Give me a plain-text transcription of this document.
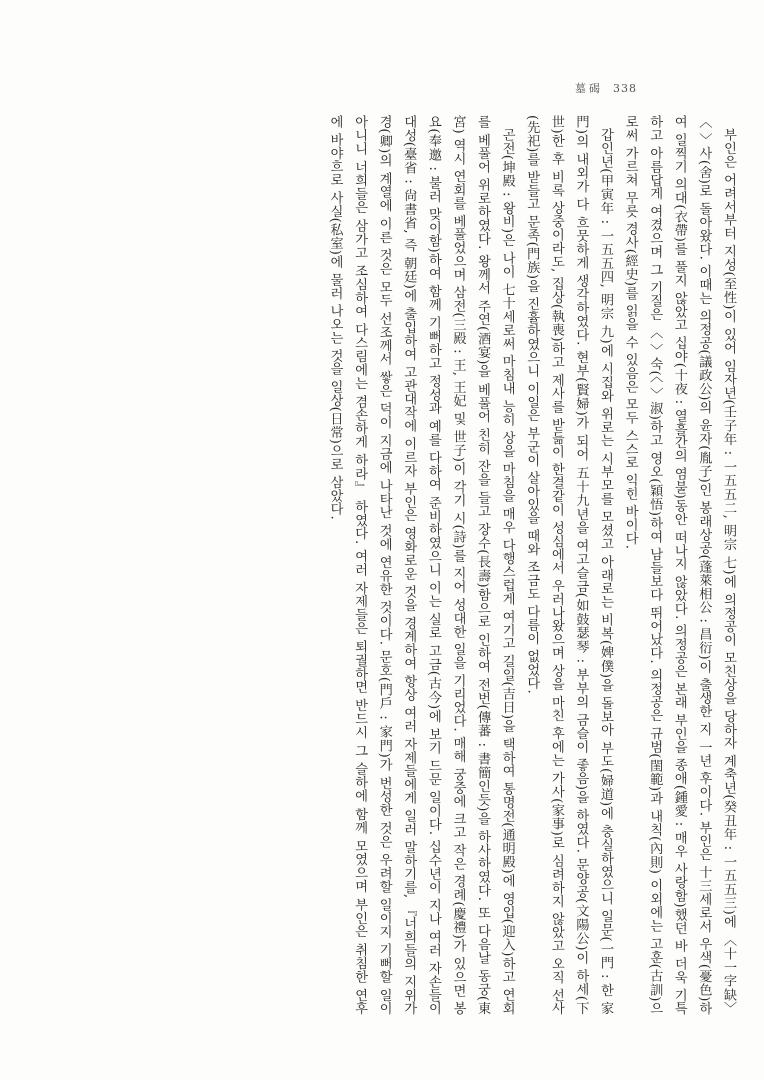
墓碣 338

부인은 어려서부터 지성(至性)이 있어 임자년(壬子年 : 一五五二, 明宗 七)에 의정공이 모친상을 당하자 계축년(癸丑年 : 一五五三)에 〈十一字缺〉 〈 〉사(舍)로 돌아왔다. 이때는 의정공(議政公)의 윤자(胤子)인 봉래상공(蓬萊相公 : 昌衍)이 출생한 지 一년 후이다. 부인은 十三세로서 우색(憂色)하여 일찍기 의대(衣帶)를 풀지 않았고 십야(十夜 : 열흘간의 염불)동안 떠나지 않았다. 의정공은 본래 부인을 종애(鍾愛 : 매우 사랑함)했던 바 더욱 기특하고 아름답게 여겼으며 그 기질은 〈 〉숙(〈 〉淑)하고 영오(穎悟)하여 남들보다 뛰어났다. 의정공은 규범(閨範)과 내칙(內則) 이외에는 고훈(古訓)으로써 가르쳐 무릇 경사(經史)를 읽을 수 있음은 모두 스스로 익힌 바이다.

갑인년(甲寅年 : 一五五四, 明宗 九)에 시집와 위로는 시부모를 모셨고 아래로는 비복(婢僕)을 돌보아 부도(婦道)에 충실하였으니 일문(一門 : 한 家門)의 내외가 다 흐뭇하게 생각하였다. 현부(賢婦)가 되어 五十九년을 여고슬금(如鼓瑟琴 : 부부의 금슬이 좋음)을 하였다. 문양공(文陽公)이 하세(下世)한 후 비록 상중이라도, 집상(執喪)하고 제사를 받듦이 한결같이 성심에서 우러나왔으며 상을 마친 후에는 가사(家事)로 심려하지 않았고 오직 선사(先祀)를 받들고 문족(門族)을 진휼하였으니 이일은 부군이 살아있을 때와 조금도 다름이 없었다.

곤전(坤殿 : 왕비)은 나이 七十세로써 마침내 능히 상을 마침을 매우 다행스럽게 여기고 길일(吉日)을 택하여 통명전(通明殿)에 영입(迎入)하고 연회를 베풀어 위로하였다. 왕께서 주연(酒宴)을 베풀어 친히 잔을 들고 장수(長壽)함으로 인하여 전번(傳蕃 : 書簡인듯)을 하사하였다. 또 다음날 동궁(東宮) 역시 연회를 베풀었으며 삼전(三殿 : 王, 王妃 및 世子)이 각기 시(詩)를 지어 성대한 일을 기리었다. 매해 궁중에 크고 작은 경례(慶禮)가 있으면 봉요(奉邀 : 불러 맞이함)하여 함께 기뻐하고 정성과 예를 다하여 준비하였으니 이는 실로 고금(古今)에 보기 드문 일이다. 십수년이 지나 여러 자손들이 대성(臺省 : 尙書省, 즉 朝廷)에 출입하여 고관대작에 이르자 부인은 영화로운 것을 경계하여 항상 여러 자제들에게 일러 말하기를, 『너희들의 지위가 경(卿)의 계열에 이른 것은 모두 선조께서 쌓은 덕이 지금에 나타난 것에 연유한 것이다. 문호(門戶 : 家門)가 번성한 것은 우려할 일이지 기뻐할 일이 아니니 너희들은 삼가고 조심하여 다스림에는 겸손하게 하라』 하였다. 여러 자제들은 퇴궐하면 반드시 그 슬하에 함께 모였으며 부인은 취침한 연후에 바야흐로 사실(私室)에 물러 나오는 것을 일상(日常)으로 삼았다.
